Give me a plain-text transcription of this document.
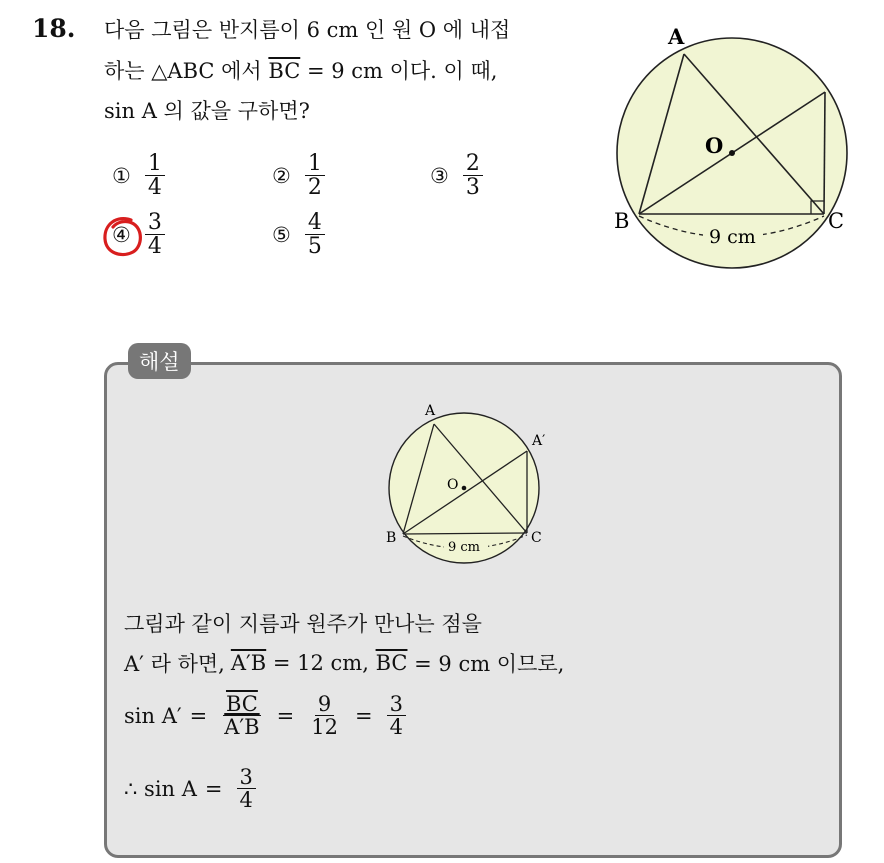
18. 다음 그림은 반지름이 6 cm 인 원 O 에 내접
하는 △ABC 에서 $\overline{BC} = 9$ cm 이다. 이 때,
sin A 의 값을 구하면?
① $\frac{1}{4}$	② $\frac{1}{2}$	③ $\frac{2}{3}$
④ $\frac{3}{4}$	⑤ $\frac{4}{5}$
A
O
B	C
9 cm
해설
A
A′
O
B	C
9 cm
그림과 같이 지름과 원주가 만나는 점을
A′ 라 하면, A′B = 12 cm, $\overline{BC} = 9$ cm 이므로,
$\sin A' = \frac{\overline{BC}}{A'B} = \frac{9}{12} = \frac{3}{4}$
∴ $\sin A = \frac{3}{4}$
